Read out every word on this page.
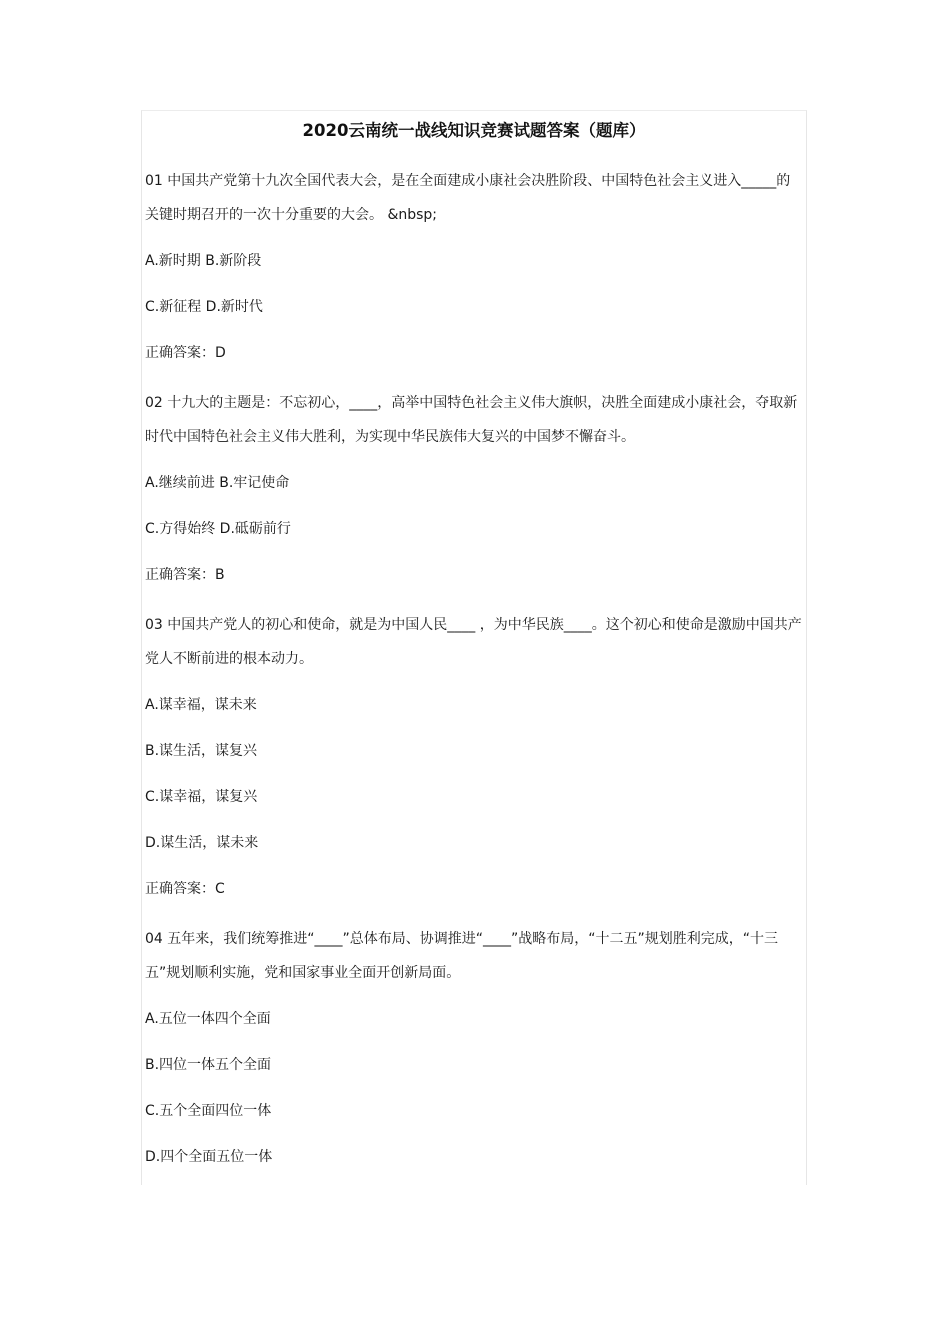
2020云南统一战线知识竞赛试题答案（题库）

01 中国共产党第十九次全国代表大会，是在全面建成小康社会决胜阶段、中国特色社会主义进入_____的关键时期召开的一次十分重要的大会。 &nbsp;

A.新时期 B.新阶段

C.新征程 D.新时代

正确答案：D

02 十九大的主题是：不忘初心，____，高举中国特色社会主义伟大旗帜，决胜全面建成小康社会，夺取新时代中国特色社会主义伟大胜利，为实现中华民族伟大复兴的中国梦不懈奋斗。

A.继续前进 B.牢记使命

C.方得始终 D.砥砺前行

正确答案：B

03 中国共产党人的初心和使命，就是为中国人民____ ，为中华民族____。这个初心和使命是激励中国共产党人不断前进的根本动力。

A.谋幸福，谋未来

B.谋生活，谋复兴

C.谋幸福，谋复兴

D.谋生活，谋未来

正确答案：C

04 五年来，我们统筹推进“____”总体布局、协调推进“____”战略布局，“十二五”规划胜利完成，“十三五”规划顺利实施，党和国家事业全面开创新局面。

A.五位一体四个全面

B.四位一体五个全面

C.五个全面四位一体

D.四个全面五位一体
